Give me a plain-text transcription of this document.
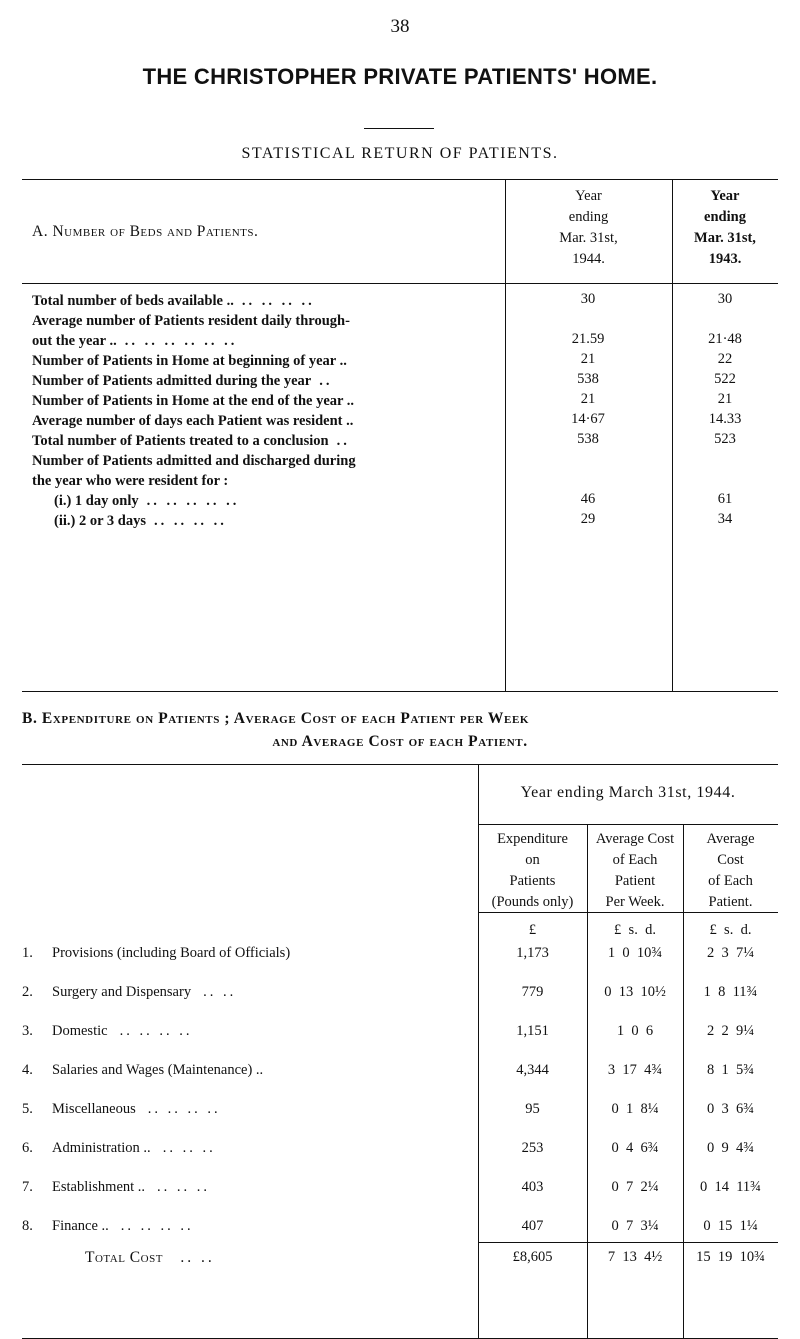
38
THE CHRISTOPHER PRIVATE PATIENTS' HOME.
STATISTICAL RETURN OF PATIENTS.
A. Number of Beds and Patients.
Year
ending
Mar. 31st,
1944.
Year
ending
Mar. 31st,
1943.
Total number of beds available .. .. .. .. ..	30	30
Average number of Patients resident daily through-
out the year .. .. .. .. .. .. ..	21.59	21·48
Number of Patients in Home at beginning of year ..	21	22
Number of Patients admitted during the year ..	538	522
Number of Patients in Home at the end of the year ..	21	21
Average number of days each Patient was resident ..	14·67	14.33
Total number of Patients treated to a conclusion ..	538	523
Number of Patients admitted and discharged during
the year who were resident for :
(i.) 1 day only .. .. .. .. ..	46	61
(ii.) 2 or 3 days .. .. .. ..	29	34
B. Expenditure on Patients ; Average Cost of each Patient per Week
and Average Cost of each Patient.
Year ending March 31st, 1944.
Expenditure
on
Patients
(Pounds only)
Average Cost
of Each
Patient
Per Week.
Average
Cost
of Each
Patient.
£	£  s.  d.	£  s.  d.
1. Provisions (including Board of Officials)	1,173	1  0  10¾	2  3  7¼
2. Surgery and Dispensary .. ..	779	0  13  10½	1  8  11¾
3. Domestic .. .. .. ..	1,151	1  0  6	2  2  9¼
4. Salaries and Wages (Maintenance) ..	4,344	3  17  4¾	8  1  5¾
5. Miscellaneous .. .. .. ..	95	0  1  8¼	0  3  6¾
6. Administration .. .. .. ..	253	0  4  6¾	0  9  4¾
7. Establishment .. .. .. ..	403	0  7  2¼	0  14  11¾
8. Finance .. .. .. .. ..	407	0  7  3¼	0  15  1¼
Total Cost .. ..	£8,605	7  13  4½	15  19  10¾
